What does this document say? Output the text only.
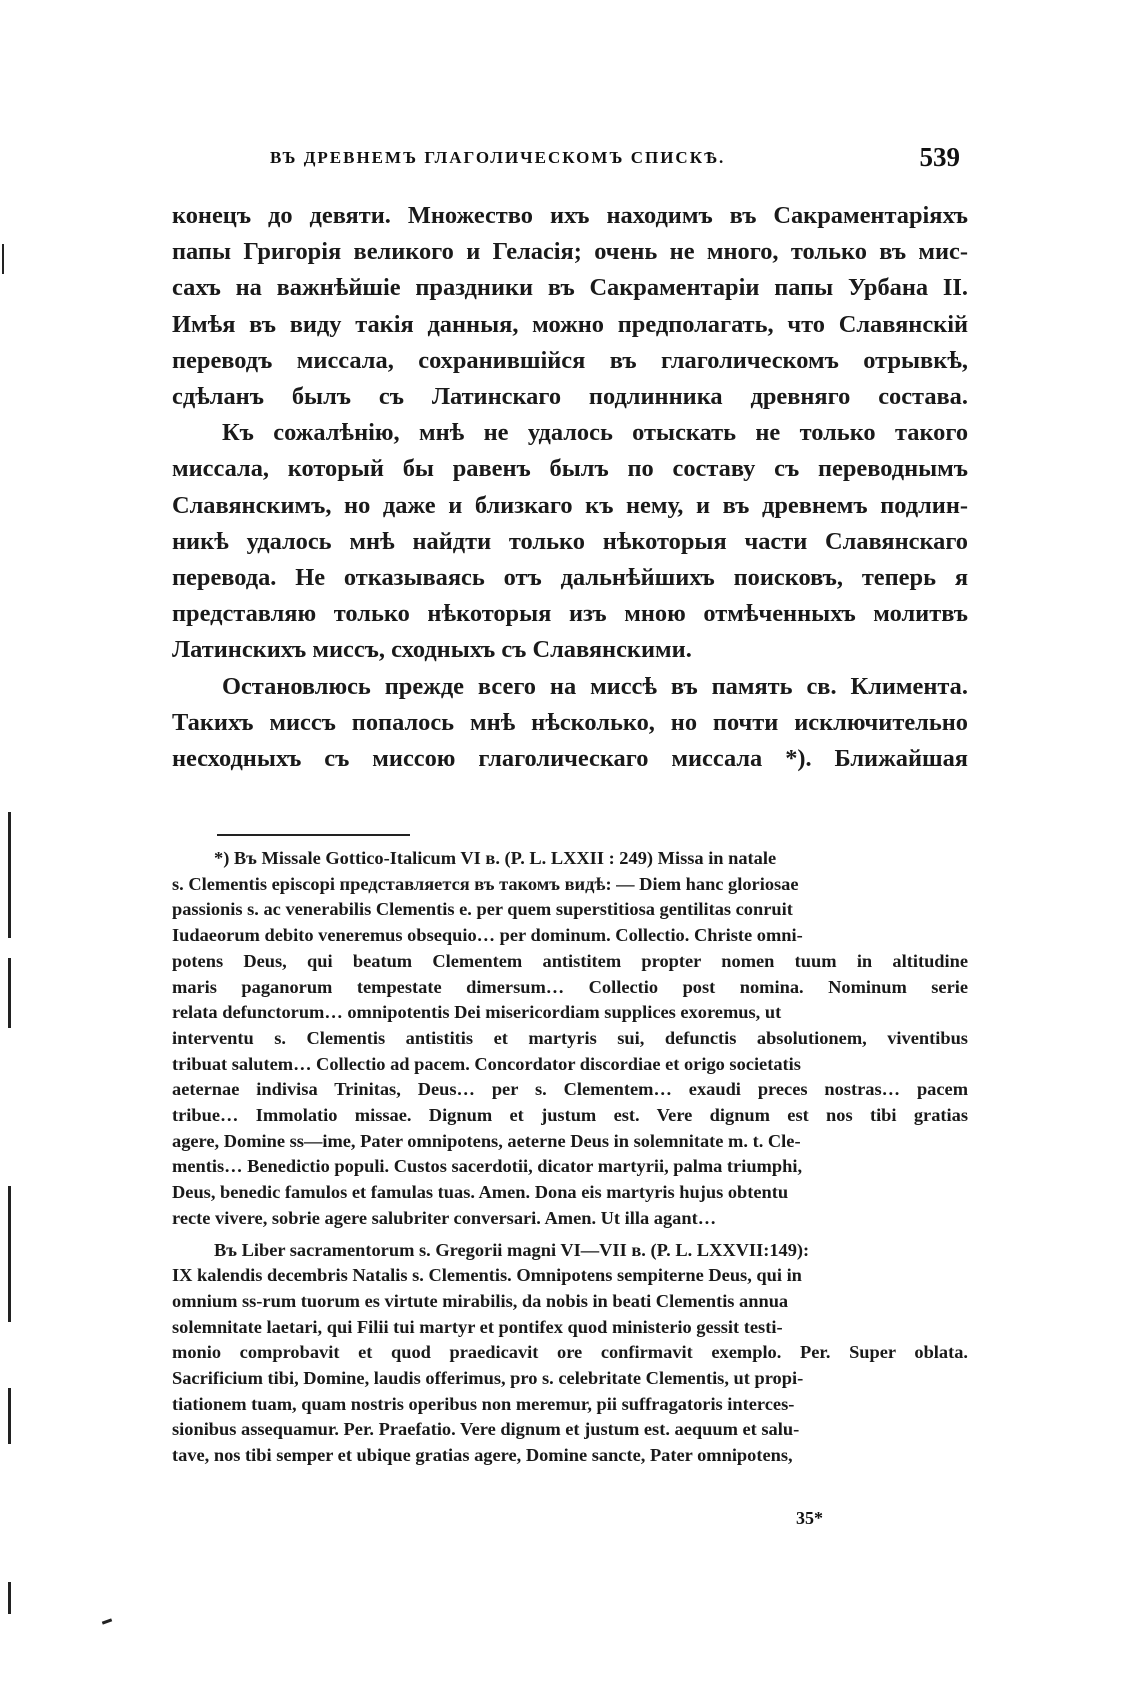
ВЪ ДРЕВНЕМЪ ГЛАГОЛИЧЕСКОМЪ СПИСКѢ.	539

конецъ до девяти. Множество ихъ находимъ въ Сакраментаріяхъ
папы Григорія великого и Геласія; очень не много, только въ мис-
сахъ на важнѣйшіе праздники въ Сакраментаріи папы Урбана II.
Имѣя въ виду такія данныя, можно предполагать, что Славянскій
переводъ миссала, сохранившійся въ глаголическомъ отрывкѣ,
сдѣланъ былъ съ Латинскаго подлинника древняго состава.

Къ сожалѣнію, мнѣ не удалось отыскать не только такого
миссала, который бы равенъ былъ по составу съ переводнымъ
Славянскимъ, но даже и близкаго къ нему, и въ древнемъ подлин-
никѣ удалось мнѣ найдти только нѣкоторыя части Славянскаго
перевода. Не отказываясь отъ дальнѣйшихъ поисковъ, теперь я
представляю только нѣкоторыя изъ мною отмѣченныхъ молитвъ
Латинскихъ миссъ, сходныхъ съ Славянскими.

Остановлюсь прежде всего на миссѣ въ память св. Климента.
Такихъ миссъ попалось мнѣ нѣсколько, но почти исключительно
несходныхъ съ миссою глаголическаго миссала *). Ближайшая

*) Въ Missale Gottico-Italicum VI в. (P. L. LXXII : 249) Missa in natale
s. Clementis episcopi представляется въ такомъ видѣ: — Diem hanc gloriosae
passionis s. ac venerabilis Clementis e. per quem superstitiosa gentilitas conruit
Iudaeorum debito veneremus obsequio… per dominum. Collectio. Christe omni-
potens Deus, qui beatum Clementem antistitem propter nomen tuum in altitudine
maris paganorum tempestate dimersum… Collectio post nomina. Nominum serie
relata defunctorum… omnipotentis Dei misericordiam supplices exoremus, ut
interventu s. Clementis antistitis et martyris sui, defunctis absolutionem, viventibus
tribuat salutem… Collectio ad pacem. Concordator discordiae et origo societatis
aeternae indivisa Trinitas, Deus… per s. Clementem… exaudi preces nostras… pacem
tribue… Immolatio missae. Dignum et justum est. Vere dignum est nos tibi gratias
agere, Domine ss—ime, Pater omnipotens, aeterne Deus in solemnitate m. t. Cle-
mentis… Benedictio populi. Custos sacerdotii, dicator martyrii, palma triumphi,
Deus, benedic famulos et famulas tuas. Amen. Dona eis martyris hujus obtentu
recte vivere, sobrie agere salubriter conversari. Amen. Ut illa agant…
Въ Liber sacramentorum s. Gregorii magni VI—VII в. (P. L. LXXVII:149):
IX kalendis decembris Natalis s. Clementis. Omnipotens sempiterne Deus, qui in
omnium ss-rum tuorum es virtute mirabilis, da nobis in beati Clementis annua
solemnitate laetari, qui Filii tui martyr et pontifex quod ministerio gessit testi-
monio comprobavit et quod praedicavit ore confirmavit exemplo. Per. Super oblata.
Sacrificium tibi, Domine, laudis offerimus, pro s. celebritate Clementis, ut propi-
tiationem tuam, quam nostris operibus non meremur, pii suffragatoris interces-
sionibus assequamur. Per. Praefatio. Vere dignum et justum est. aequum et salu-
tave, nos tibi semper et ubique gratias agere, Domine sancte, Pater omnipotens,
35*
